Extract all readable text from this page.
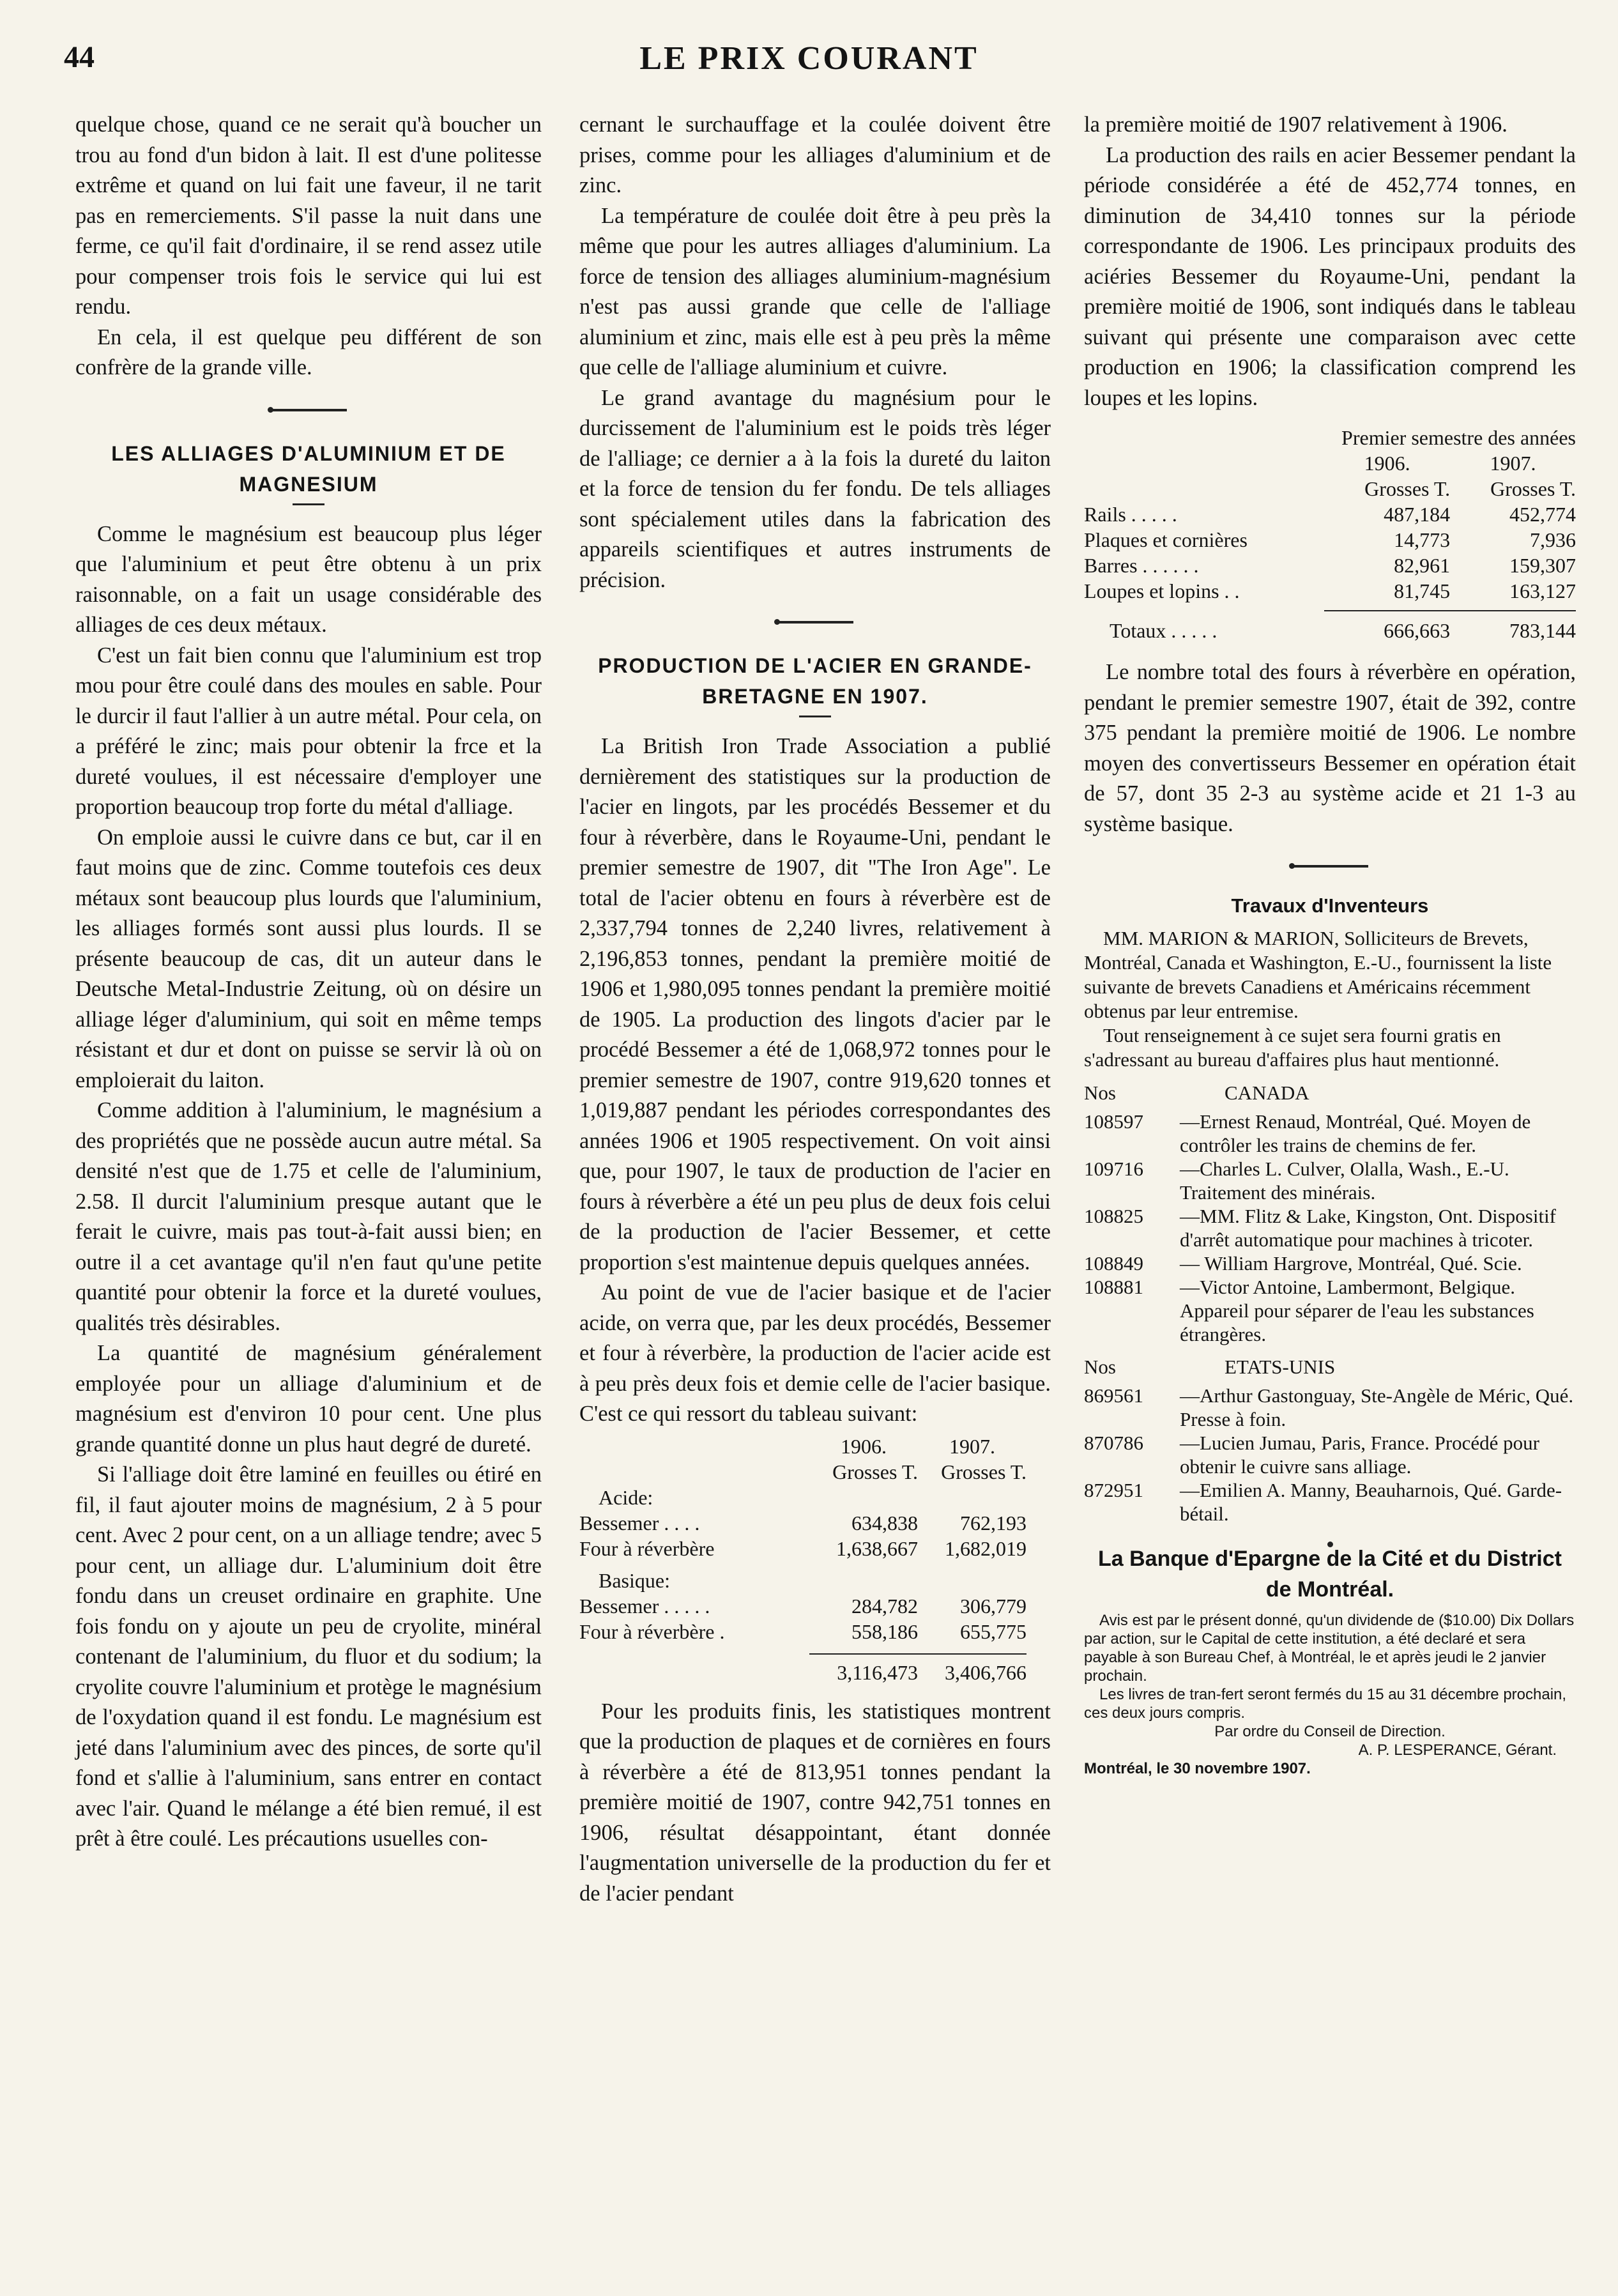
44	LE PRIX COURANT

quelque chose, quand ce ne serait qu'à boucher un trou au fond d'un bidon à lait. Il est d'une politesse extrême et quand on lui fait une faveur, il ne tarit pas en remerciements. S'il passe la nuit dans une ferme, ce qu'il fait d'ordinaire, il se rend assez utile pour compenser trois fois le service qui lui est rendu.

En cela, il est quelque peu différent de son confrère de la grande ville.

LES ALLIAGES D'ALUMINIUM ET DE MAGNESIUM

Comme le magnésium est beaucoup plus léger que l'aluminium et peut être obtenu à un prix raisonnable, on a fait un usage considérable des alliages de ces deux métaux.

C'est un fait bien connu que l'aluminium est trop mou pour être coulé dans des moules en sable. Pour le durcir il faut l'allier à un autre métal. Pour cela, on a préféré le zinc; mais pour obtenir la frce et la dureté voulues, il est nécessaire d'employer une proportion beaucoup trop forte du métal d'alliage.

On emploie aussi le cuivre dans ce but, car il en faut moins que de zinc. Comme toutefois ces deux métaux sont beaucoup plus lourds que l'aluminium, les alliages formés sont aussi plus lourds. Il se présente beaucoup de cas, dit un auteur dans le Deutsche Metal-Industrie Zeitung, où on désire un alliage léger d'aluminium, qui soit en même temps résistant et dur et dont on puisse se servir là où on emploierait du laiton.

Comme addition à l'aluminium, le magnésium a des propriétés que ne possède aucun autre métal. Sa densité n'est que de 1.75 et celle de l'aluminium, 2.58. Il durcit l'aluminium presque autant que le ferait le cuivre, mais pas tout-à-fait aussi bien; en outre il a cet avantage qu'il n'en faut qu'une petite quantité pour obtenir la force et la dureté voulues, qualités très désirables.

La quantité de magnésium généralement employée pour un alliage d'aluminium et de magnésium est d'environ 10 pour cent. Une plus grande quantité donne un plus haut degré de dureté.

Si l'alliage doit être laminé en feuilles ou étiré en fil, il faut ajouter moins de magnésium, 2 à 5 pour cent. Avec 2 pour cent, on a un alliage tendre; avec 5 pour cent, un alliage dur. L'aluminium doit être fondu dans un creuset ordinaire en graphite. Une fois fondu on y ajoute un peu de cryolite, minéral contenant de l'aluminium, du fluor et du sodium; la cryolite couvre l'aluminium et protège le magnésium de l'oxydation quand il est fondu. Le magnésium est jeté dans l'aluminium avec des pinces, de sorte qu'il fond et s'allie à l'aluminium, sans entrer en contact avec l'air. Quand le mélange a été bien remué, il est prêt à être coulé. Les précautions usuelles con-

cernant le surchauffage et la coulée doivent être prises, comme pour les alliages d'aluminium et de zinc.

La température de coulée doit être à peu près la même que pour les autres alliages d'aluminium. La force de tension des alliages aluminium-magnésium n'est pas aussi grande que celle de l'alliage aluminium et zinc, mais elle est à peu près la même que celle de l'alliage aluminium et cuivre.

Le grand avantage du magnésium pour le durcissement de l'aluminium est le poids très léger de l'alliage; ce dernier a à la fois la dureté du laiton et la force de tension du fer fondu. De tels alliages sont spécialement utiles dans la fabrication des appareils scientifiques et autres instruments de précision.

PRODUCTION DE L'ACIER EN GRANDE-BRETAGNE EN 1907.

La British Iron Trade Association a publié dernièrement des statistiques sur la production de l'acier en lingots, par les procédés Bessemer et du four à réverbère, dans le Royaume-Uni, pendant le premier semestre de 1907, dit "The Iron Age". Le total de l'acier obtenu en fours à réverbère est de 2,337,794 tonnes de 2,240 livres, relativement à 2,196,853 tonnes, pendant la première moitié de 1906 et 1,980,095 tonnes pendant la première moitié de 1905. La production des lingots d'acier par le procédé Bessemer a été de 1,068,972 tonnes pour le premier semestre de 1907, contre 919,620 tonnes et 1,019,887 pendant les périodes correspondantes des années 1906 et 1905 respectivement. On voit ainsi que, pour 1907, le taux de production de l'acier en fours à réverbère a été un peu plus de deux fois celui de la production de l'acier Bessemer, et cette proportion s'est maintenue depuis quelques années.

Au point de vue de l'acier basique et de l'acier acide, on verra que, par les deux procédés, Bessemer et four à réverbère, la production de l'acier acide est à peu près deux fois et demie celle de l'acier basique. C'est ce qui ressort du tableau suivant:

	1906.	1907.
	Grosses T.	Grosses T.
Acide:		
Bessemer . . . .	634,838	762,193
Four à réverbère	1,638,667	1,682,019
Basique:		
Bessemer . . . . .	284,782	306,779
Four à réverbère .	558,186	655,775

	3,116,473	3,406,766

Pour les produits finis, les statistiques montrent que la production de plaques et de cornières en fours à réverbère a été de 813,951 tonnes pendant la première moitié de 1907, contre 942,751 tonnes en 1906, résultat désappointant, étant donnée l'augmentation universelle de la production du fer et de l'acier pendant

la première moitié de 1907 relativement à 1906.

La production des rails en acier Bessemer pendant la période considérée a été de 452,774 tonnes, en diminution de 34,410 tonnes sur la période correspondante de 1906. Les principaux produits des aciéries Bessemer du Royaume-Uni, pendant la première moitié de 1906, sont indiqués dans le tableau suivant qui présente une comparaison avec cette production en 1906; la classification comprend les loupes et les lopins.

Premier semestre des années		
	1906.	1907.
	Grosses T.	Grosses T.
Rails . . . . .	487,184	452,774
Plaques et cornières	14,773	7,936
Barres . . . . . .	82,961	159,307
Loupes et lopins . .	81,745	163,127

Totaux . . . . .	666,663	783,144

Le nombre total des fours à réverbère en opération, pendant le premier semestre 1907, était de 392, contre 375 pendant la première moitié de 1906. Le nombre moyen des convertisseurs Bessemer en opération était de 57, dont 35 2-3 au système acide et 21 1-3 au système basique.

Travaux d'Inventeurs

MM. MARION & MARION, Solliciteurs de Brevets, Montréal, Canada et Washington, E.-U., fournissent la liste suivante de brevets Canadiens et Américains récemment obtenus par leur entremise.

Tout renseignement à ce sujet sera fourni gratis en s'adressant au bureau d'affaires plus haut mentionné.

Nos	CANADA
108597	—Ernest Renaud, Montréal, Qué. Moyen de contrôler les trains de chemins de fer.
109716	—Charles L. Culver, Olalla, Wash., E.-U. Traitement des minérais.
108825	—MM. Flitz & Lake, Kingston, Ont. Dispositif d'arrêt automatique pour machines à tricoter.
108849	— William Hargrove, Montréal, Qué. Scie.
108881	—Victor Antoine, Lambermont, Belgique. Appareil pour séparer de l'eau les substances étrangères.
Nos	ETATS-UNIS
869561	—Arthur Gastonguay, Ste-Angèle de Méric, Qué. Presse à foin.
870786	—Lucien Jumau, Paris, France. Procédé pour obtenir le cuivre sans alliage.
872951	—Emilien A. Manny, Beauharnois, Qué. Garde-bétail.

La Banque d'Epargne de la Cité et du District de Montréal.

Avis est par le présent donné, qu'un dividende de ($10.00) Dix Dollars par action, sur le Capital de cette institution, a été declaré et sera payable à son Bureau Chef, à Montréal, le et après jeudi le 2 janvier prochain.

Les livres de tran-fert seront fermés du 15 au 31 décembre prochain, ces deux jours compris.

Par ordre du Conseil de Direction.

A. P. LESPERANCE, Gérant.

Montréal, le 30 novembre 1907.
